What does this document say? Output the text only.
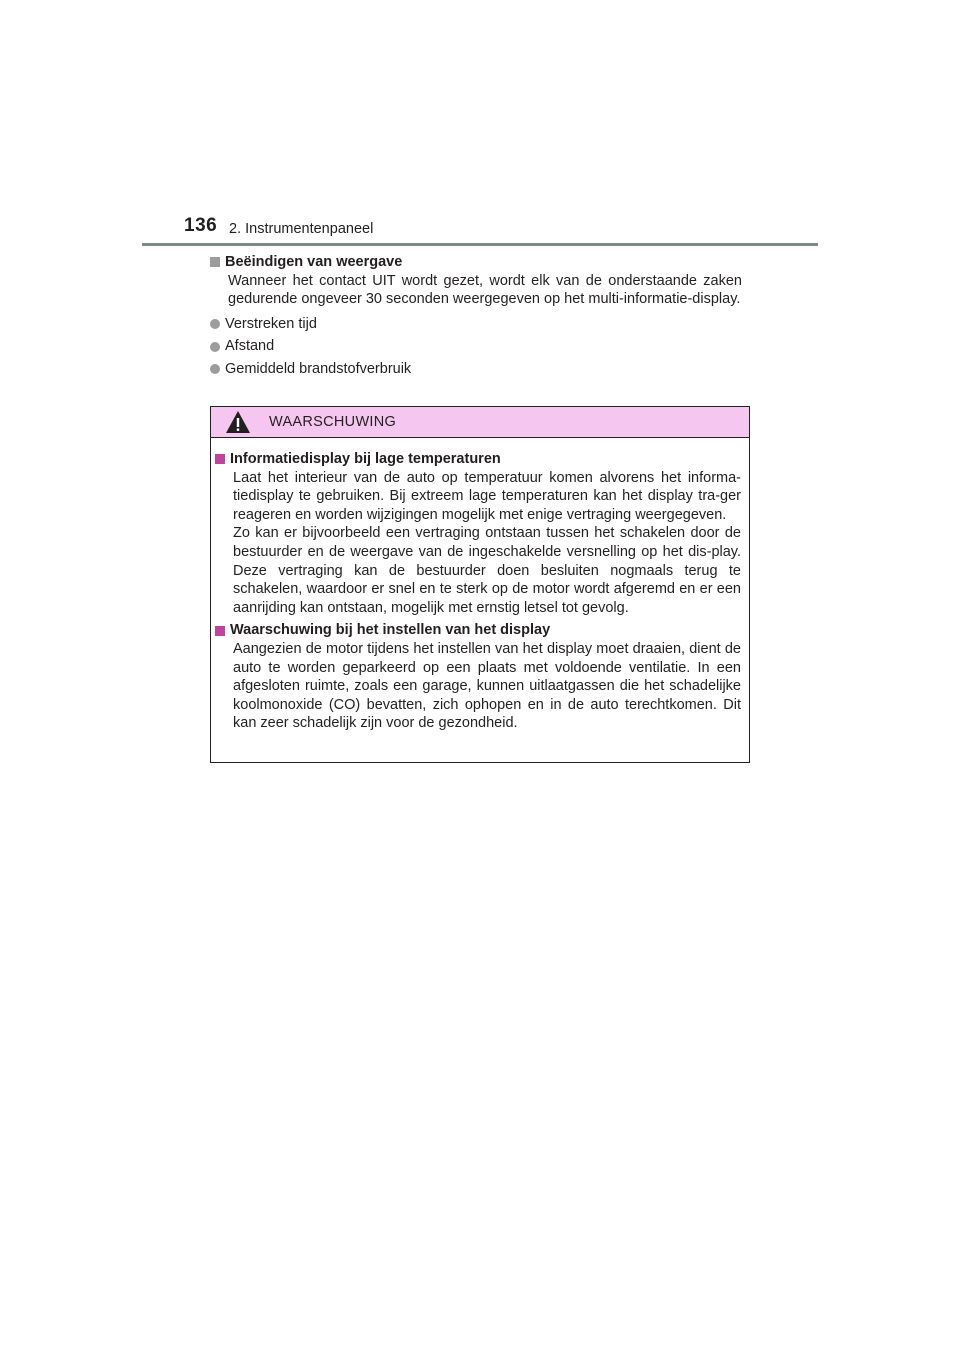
136 2. Instrumentenpaneel
Beëindigen van weergave
Wanneer het contact UIT wordt gezet, wordt elk van de onderstaande zaken gedurende ongeveer 30 seconden weergegeven op het multi-informatie-display.
Verstreken tijd
Afstand
Gemiddeld brandstofverbruik
WAARSCHUWING
Informatiedisplay bij lage temperaturen
Laat het interieur van de auto op temperatuur komen alvorens het informa-tiedisplay te gebruiken. Bij extreem lage temperaturen kan het display tra-ger reageren en worden wijzigingen mogelijk met enige vertraging weergegeven.
Zo kan er bijvoorbeeld een vertraging ontstaan tussen het schakelen door de bestuurder en de weergave van de ingeschakelde versnelling op het dis-play. Deze vertraging kan de bestuurder doen besluiten nogmaals terug te schakelen, waardoor er snel en te sterk op de motor wordt afgeremd en er een aanrijding kan ontstaan, mogelijk met ernstig letsel tot gevolg.
Waarschuwing bij het instellen van het display
Aangezien de motor tijdens het instellen van het display moet draaien, dient de auto te worden geparkeerd op een plaats met voldoende ventilatie. In een afgesloten ruimte, zoals een garage, kunnen uitlaatgassen die het schadelijke koolmonoxide (CO) bevatten, zich ophopen en in de auto terechtkomen. Dit kan zeer schadelijk zijn voor de gezondheid.
